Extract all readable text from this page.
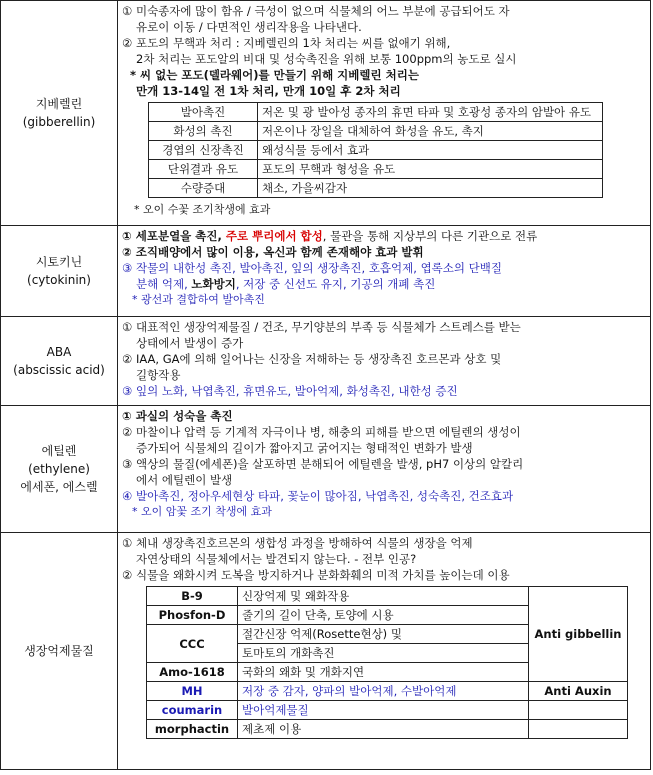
지베렐린
(gibberellin)

① 미숙종자에 많이 함유 / 극성이 없으며 식물체의 어느 부분에 공급되어도 자
유로이 이동 / 다면적인 생리작용을 나타낸다.
② 포도의 무핵과 처리 : 지베렐린의 1차 처리는 씨를 없애기 위해,
2차 처리는 포도알의 비대 및 성숙촉진을 위해 보통 100ppm의 농도로 실시
* 씨 없는 포도(델라웨어)를 만들기 위해 지베렐린 처리는
만개 13-14일 전 1차 처리, 만개 10일 후 2차 처리
발아촉진	저온 및 광 발아성 종자의 휴면 타파 및 호광성 종자의 암발아 유도
화성의 촉진	저온이나 장일을 대체하여 화성을 유도, 촉지
경엽의 신장촉진	왜성식물 등에서 효과
단위결과 유도	포도의 무핵과 형성을 유도
수량증대	채소, 가을씨감자
* 오이 수꽃 조기착생에 효과

시토키닌
(cytokinin)

① 세포분열을 촉진, 주로 뿌리에서 합성, 물관을 통해 지상부의 다른 기관으로 전류
② 조직배양에서 많이 이용, 옥신과 함께 존재해야 효과 발휘
③ 작물의 내한성 촉진, 발아촉진, 잎의 생장촉진, 호흡억제, 엽록소의 단백질
분해 억제, 노화방지, 저장 중 신선도 유지, 기공의 개폐 촉진
* 광선과 결합하여 발아촉진

ABA
(abscissic acid)

① 대표적인 생장억제물질 / 건조, 무기양분의 부족 등 식물체가 스트레스를 받는
상태에서 발생이 증가
② IAA, GA에 의해 일어나는 신장을 저해하는 등 생장촉진 호르몬과 상호 및
길항작용
③ 잎의 노화, 낙엽촉진, 휴면유도, 발아억제, 화성촉진, 내한성 증진

에틸렌
(ethylene)
에세폰, 에스렐

① 과실의 성숙을 촉진
② 마찰이나 압력 등 기계적 자극이나 병, 해충의 피해를 받으면 에틸렌의 생성이
증가되어 식물체의 길이가 짧아지고 굵어지는 형태적인 변화가 발생
③ 액상의 물질(에세폰)을 살포하면 분해되어 에틸렌을 발생, pH7 이상의 알칼리
에서 에틸렌이 발생
④ 발아촉진, 정아우세현상 타파, 꽃눈이 많아짐, 낙엽촉진, 성숙촉진, 건조효과
* 오이 암꽃 조기 착생에 효과

생장억제물질

① 체내 생장촉진호르몬의 생합성 과정을 방해하여 식물의 생장을 억제
자연상태의 식물체에서는 발견되지 않는다. - 전부 인공?
② 식물을 왜화시켜 도복을 방지하거나 분화화훼의 미적 가치를 높이는데 이용
B-9	신장억제 및 왜화작용	Anti gibbellin
Phosfon-D	줄기의 길이 단축, 토양에 시용
CCC	절간신장 억제(Rosette현상) 및
토마토의 개화촉진
Amo-1618	국화의 왜화 및 개화지연
MH	저장 중 감자, 양파의 발아억제, 수발아억제	Anti Auxin
coumarin	발아억제물질	
morphactin	제초제 이용	
